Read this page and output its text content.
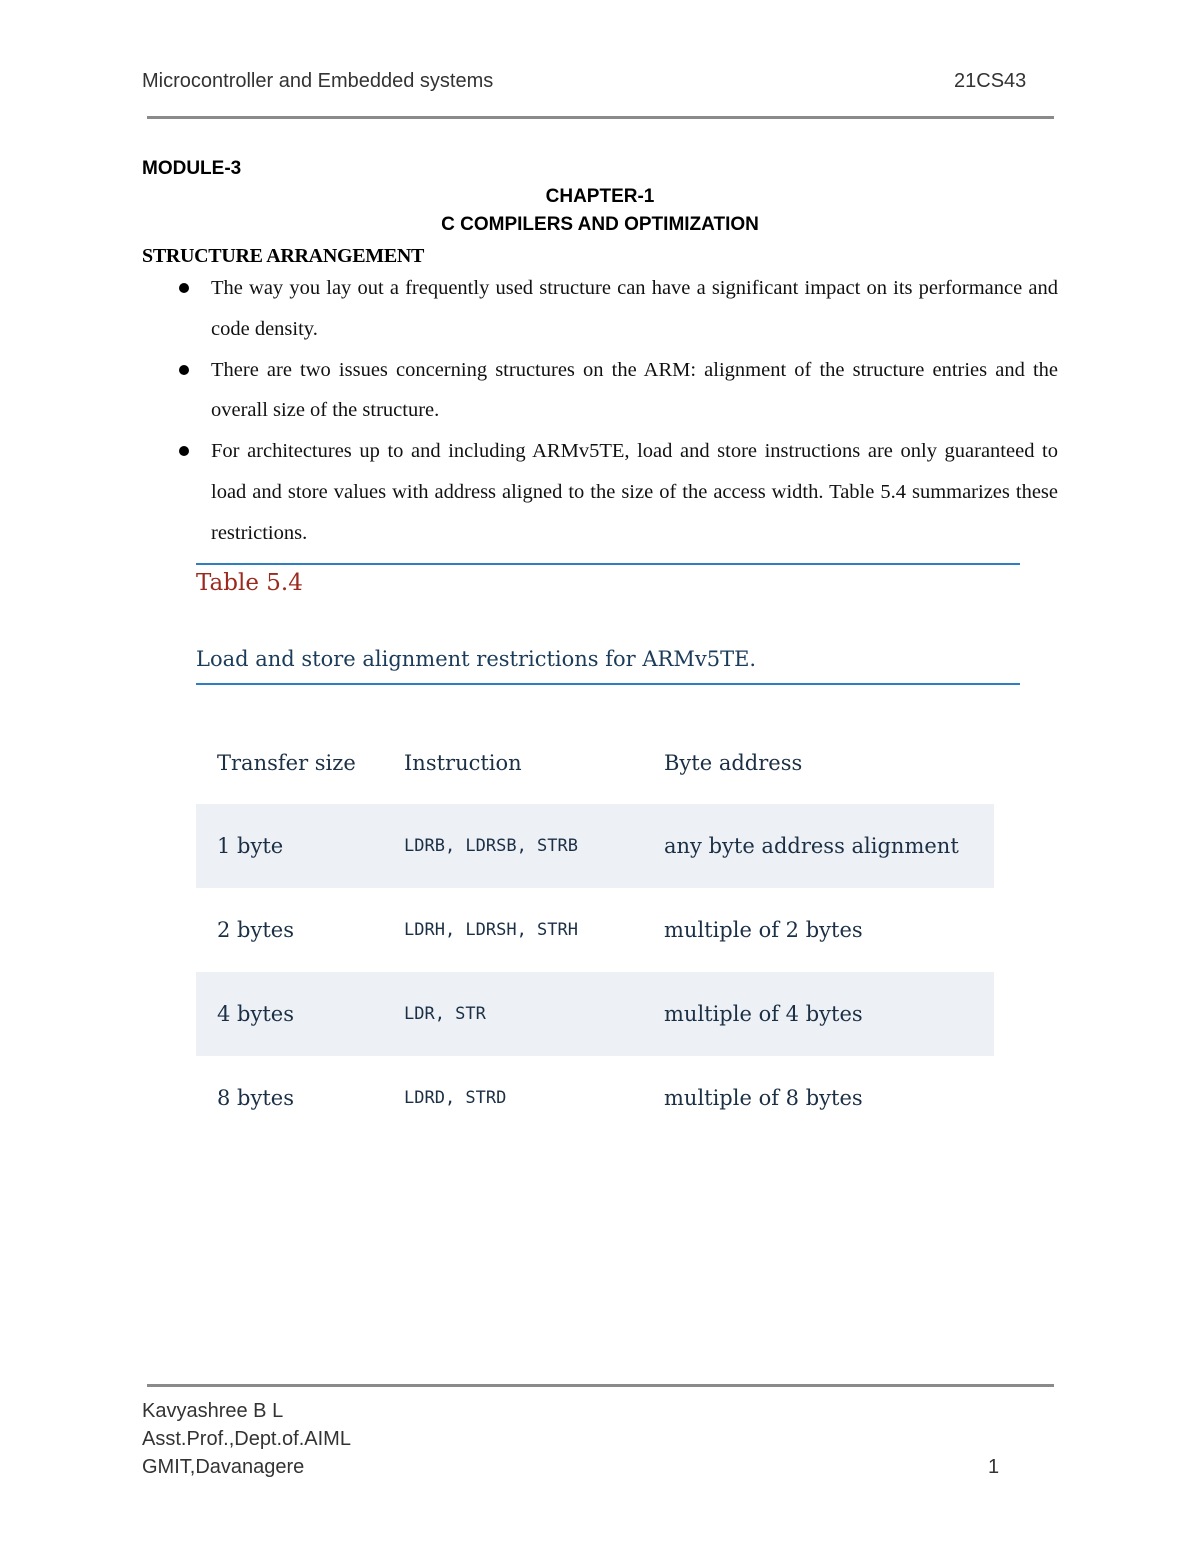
Microcontroller and Embedded systems	21CS43
MODULE-3
CHAPTER-1
C COMPILERS AND OPTIMIZATION
STRUCTURE ARRANGEMENT
The way you lay out a frequently used structure can have a significant impact on its performance and code density.
There are two issues concerning structures on the ARM: alignment of the structure entries and the overall size of the structure.
For architectures up to and including ARMv5TE, load and store instructions are only guaranteed to load and store values with address aligned to the size of the access width. Table 5.4 summarizes these restrictions.
Table 5.4
Load and store alignment restrictions for ARMv5TE.
Transfer size	Instruction	Byte address
1 byte	LDRB, LDRSB, STRB	any byte address alignment
2 bytes	LDRH, LDRSH, STRH	multiple of 2 bytes
4 bytes	LDR, STR	multiple of 4 bytes
8 bytes	LDRD, STRD	multiple of 8 bytes
Kavyashree B L
Asst.Prof.,Dept.of.AIML
GMIT,Davanagere	1
